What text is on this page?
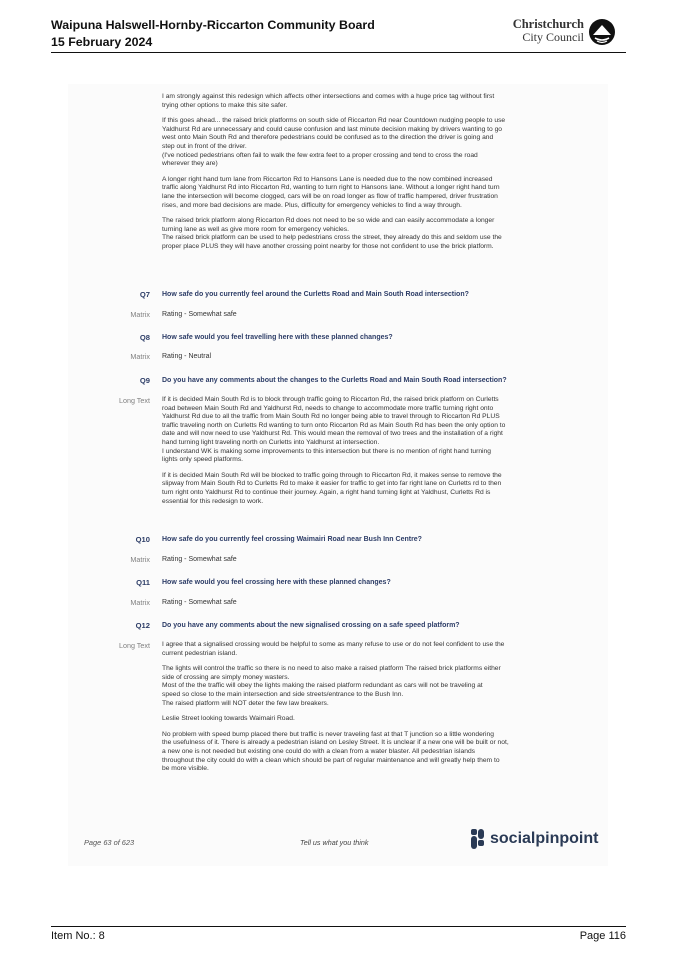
Waipuna Halswell-Hornby-Riccarton Community Board
15 February 2024
Christchurch
City Council

I am strongly against this redesign which affects other intersections and comes with a huge price tag without first
trying other options to make this site safer.

If this goes ahead... the raised brick platforms on south side of Riccarton Rd near Countdown nudging people to use
Yaldhurst Rd are unnecessary and could cause confusion and last minute decision making by drivers wanting to go
west onto Main South Rd and therefore pedestrians could be confused as to the direction the driver is going and
step out in front of the driver.
(I've noticed pedestrians often fail to walk the few extra feet to a proper crossing and tend to cross the road
wherever they are)

A longer right hand turn lane from Riccarton Rd to Hansons Lane is needed due to the now combined increased
traffic along Yaldhurst Rd into Riccarton Rd, wanting to turn right to Hansons lane. Without a longer right hand turn
lane the intersection will become clogged, cars will be on road longer as flow of traffic hampered, driver frustration
rises, and more bad decisions are made. Plus, difficulty for emergency vehicles to find a way through.

The raised brick platform along Riccarton Rd does not need to be so wide and can easily accommodate a longer
turning lane as well as give more room for emergency vehicles.
The raised brick platform can be used to help pedestrians cross the street, they already do this and seldom use the
proper place PLUS they will have another crossing point nearby for those not confident to use the brick platform.

Q7 How safe do you currently feel around the Curletts Road and Main South Road intersection?
Matrix Rating - Somewhat safe
Q8 How safe would you feel travelling here with these planned changes?
Matrix Rating - Neutral
Q9 Do you have any comments about the changes to the Curletts Road and Main South Road intersection?
Long Text If it is decided Main South Rd is to block through traffic going to Riccarton Rd, the raised brick platform on Curletts
road between Main South Rd and Yaldhurst Rd, needs to change to accommodate more traffic turning right onto
Yaldhurst Rd due to all the traffic from Main South Rd no longer being able to travel through to Riccarton Rd PLUS
traffic traveling north on Curletts Rd wanting to turn onto Riccarton Rd as Main South Rd has been the only option to
date and will now need to use Yaldhurst Rd. This would mean the removal of two trees and the installation of a right
hand turning light traveling north on Curletts into Yaldhurst at intersection.
I understand WK is making some improvements to this intersection but there is no mention of right hand turning
lights only speed platforms.

If it is decided Main South Rd will be blocked to traffic going through to Riccarton Rd, it makes sense to remove the
slipway from Main South Rd to Curletts Rd to make it easier for traffic to get into far right lane on Curletts rd to then
turn right onto Yaldhurst Rd to continue their journey. Again, a right hand turning light at Yaldhust, Curletts Rd is
essential for this redesign to work.

Q10 How safe do you currently feel crossing Waimairi Road near Bush Inn Centre?
Matrix Rating - Somewhat safe
Q11 How safe would you feel crossing here with these planned changes?
Matrix Rating - Somewhat safe
Q12 Do you have any comments about the new signalised crossing on a safe speed platform?
Long Text I agree that a signalised crossing would be helpful to some as many refuse to use or do not feel confident to use the
current pedestrian island.

The lights will control the traffic so there is no need to also make a raised platform The raised brick platforms either
side of crossing are simply money wasters.
Most of the the traffic will obey the lights making the raised platform redundant as cars will not be traveling at
speed so close to the main intersection and side streets/entrance to the Bush Inn.
The raised platform will NOT deter the few law breakers.

Leslie Street looking towards Waimairi Road.

No problem with speed bump placed there but traffic is never traveling fast at that T junction so a little wondering
the usefulness of it. There is already a pedestrian island on Lesley Street. It is unclear if a new one will be built or not,
a new one is not needed but existing one could do with a clean from a water blaster. All pedestrian islands
throughout the city could do with a clean which should be part of regular maintenance and will greatly help them to
be more visible.

Page 63 of 623	Tell us what you think	socialpinpoint
Item No.: 8	Page 116
